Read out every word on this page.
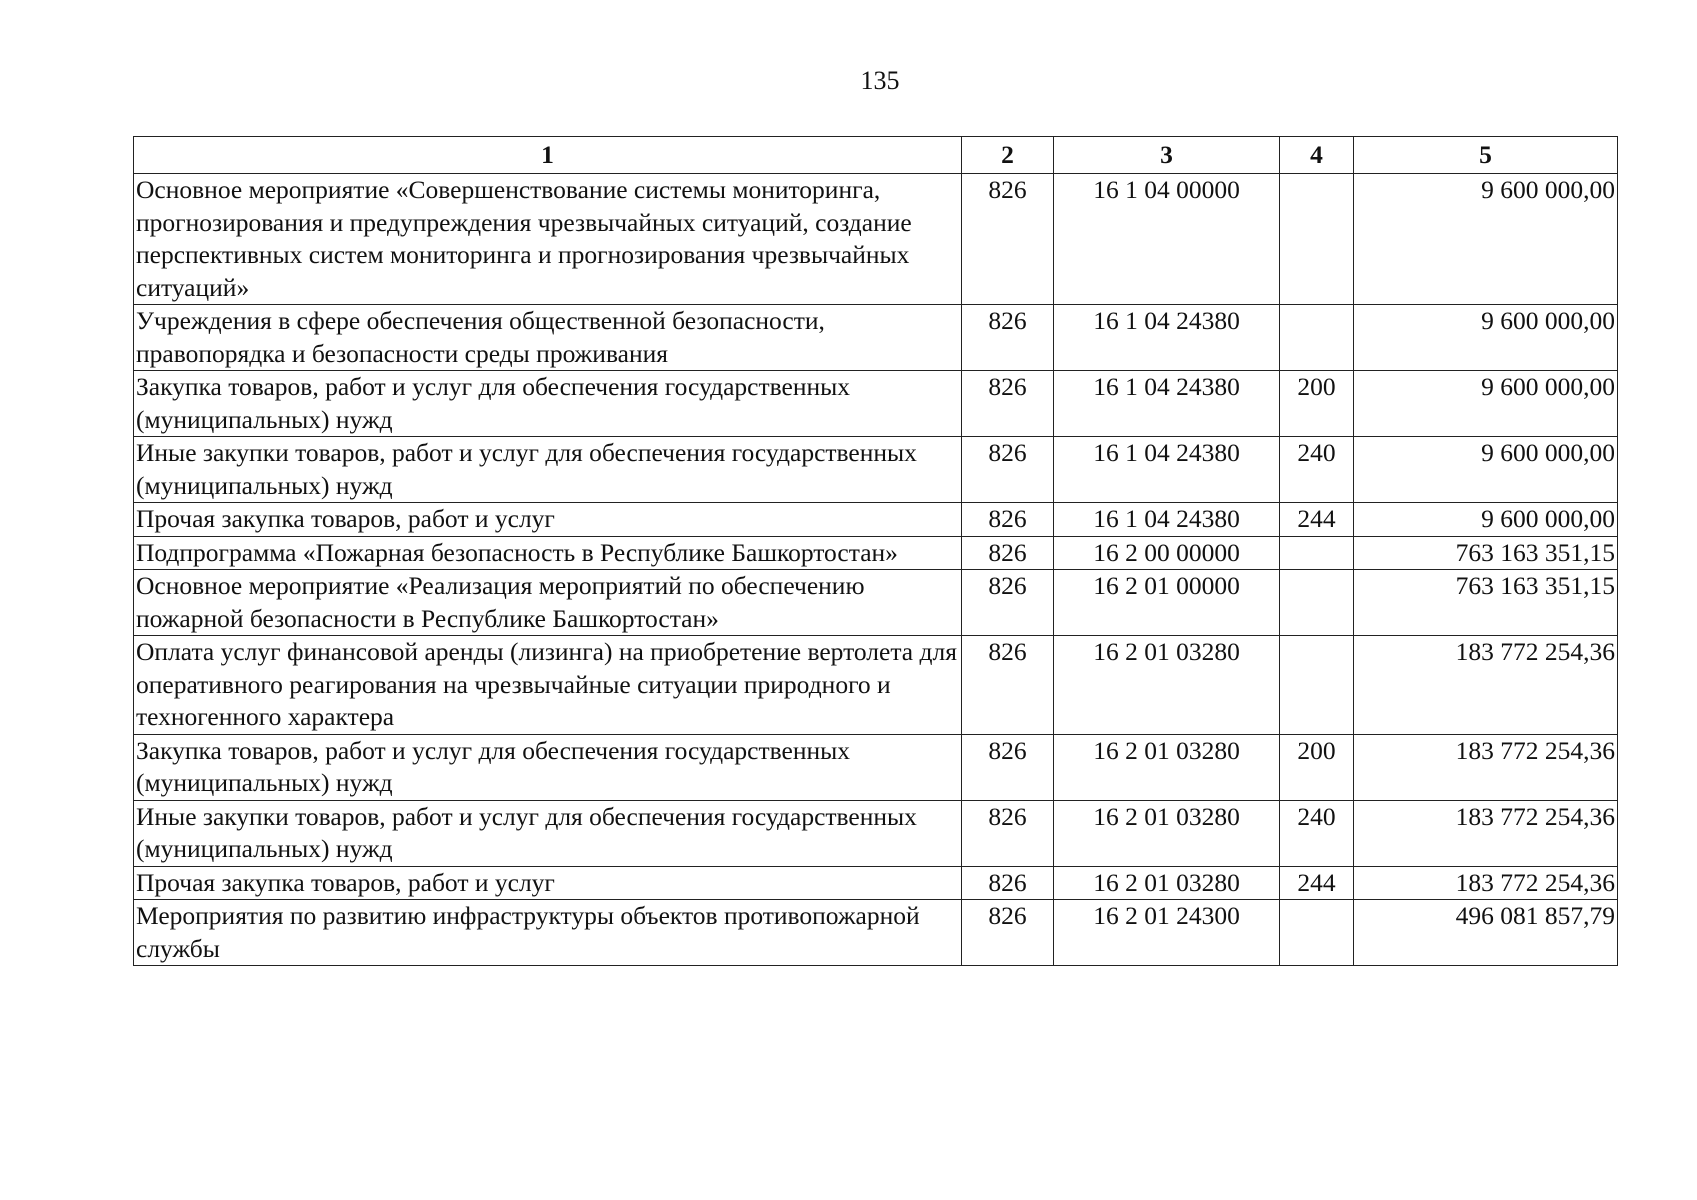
135
1	2	3	4	5
Основное мероприятие «Совершенствование системы мониторинга, прогнозирования и предупреждения чрезвычайных ситуаций, создание перспективных систем мониторинга и прогнозирования чрезвычайных ситуаций»	826	16 1 04 00000		9 600 000,00
Учреждения в сфере обеспечения общественной безопасности, правопорядка и безопасности среды проживания	826	16 1 04 24380		9 600 000,00
Закупка товаров, работ и услуг для обеспечения государственных (муниципальных) нужд	826	16 1 04 24380	200	9 600 000,00
Иные закупки товаров, работ и услуг для обеспечения государственных (муниципальных) нужд	826	16 1 04 24380	240	9 600 000,00
Прочая закупка товаров, работ и услуг	826	16 1 04 24380	244	9 600 000,00
Подпрограмма «Пожарная безопасность в Республике Башкортостан»	826	16 2 00 00000		763 163 351,15
Основное мероприятие «Реализация мероприятий по обеспечению пожарной безопасности в Республике Башкортостан»	826	16 2 01 00000		763 163 351,15
Оплата услуг финансовой аренды (лизинга) на приобретение вертолета для оперативного реагирования на чрезвычайные ситуации природного и техногенного характера	826	16 2 01 03280		183 772 254,36
Закупка товаров, работ и услуг для обеспечения государственных (муниципальных) нужд	826	16 2 01 03280	200	183 772 254,36
Иные закупки товаров, работ и услуг для обеспечения государственных (муниципальных) нужд	826	16 2 01 03280	240	183 772 254,36
Прочая закупка товаров, работ и услуг	826	16 2 01 03280	244	183 772 254,36
Мероприятия по развитию инфраструктуры объектов противопожарной службы	826	16 2 01 24300		496 081 857,79
